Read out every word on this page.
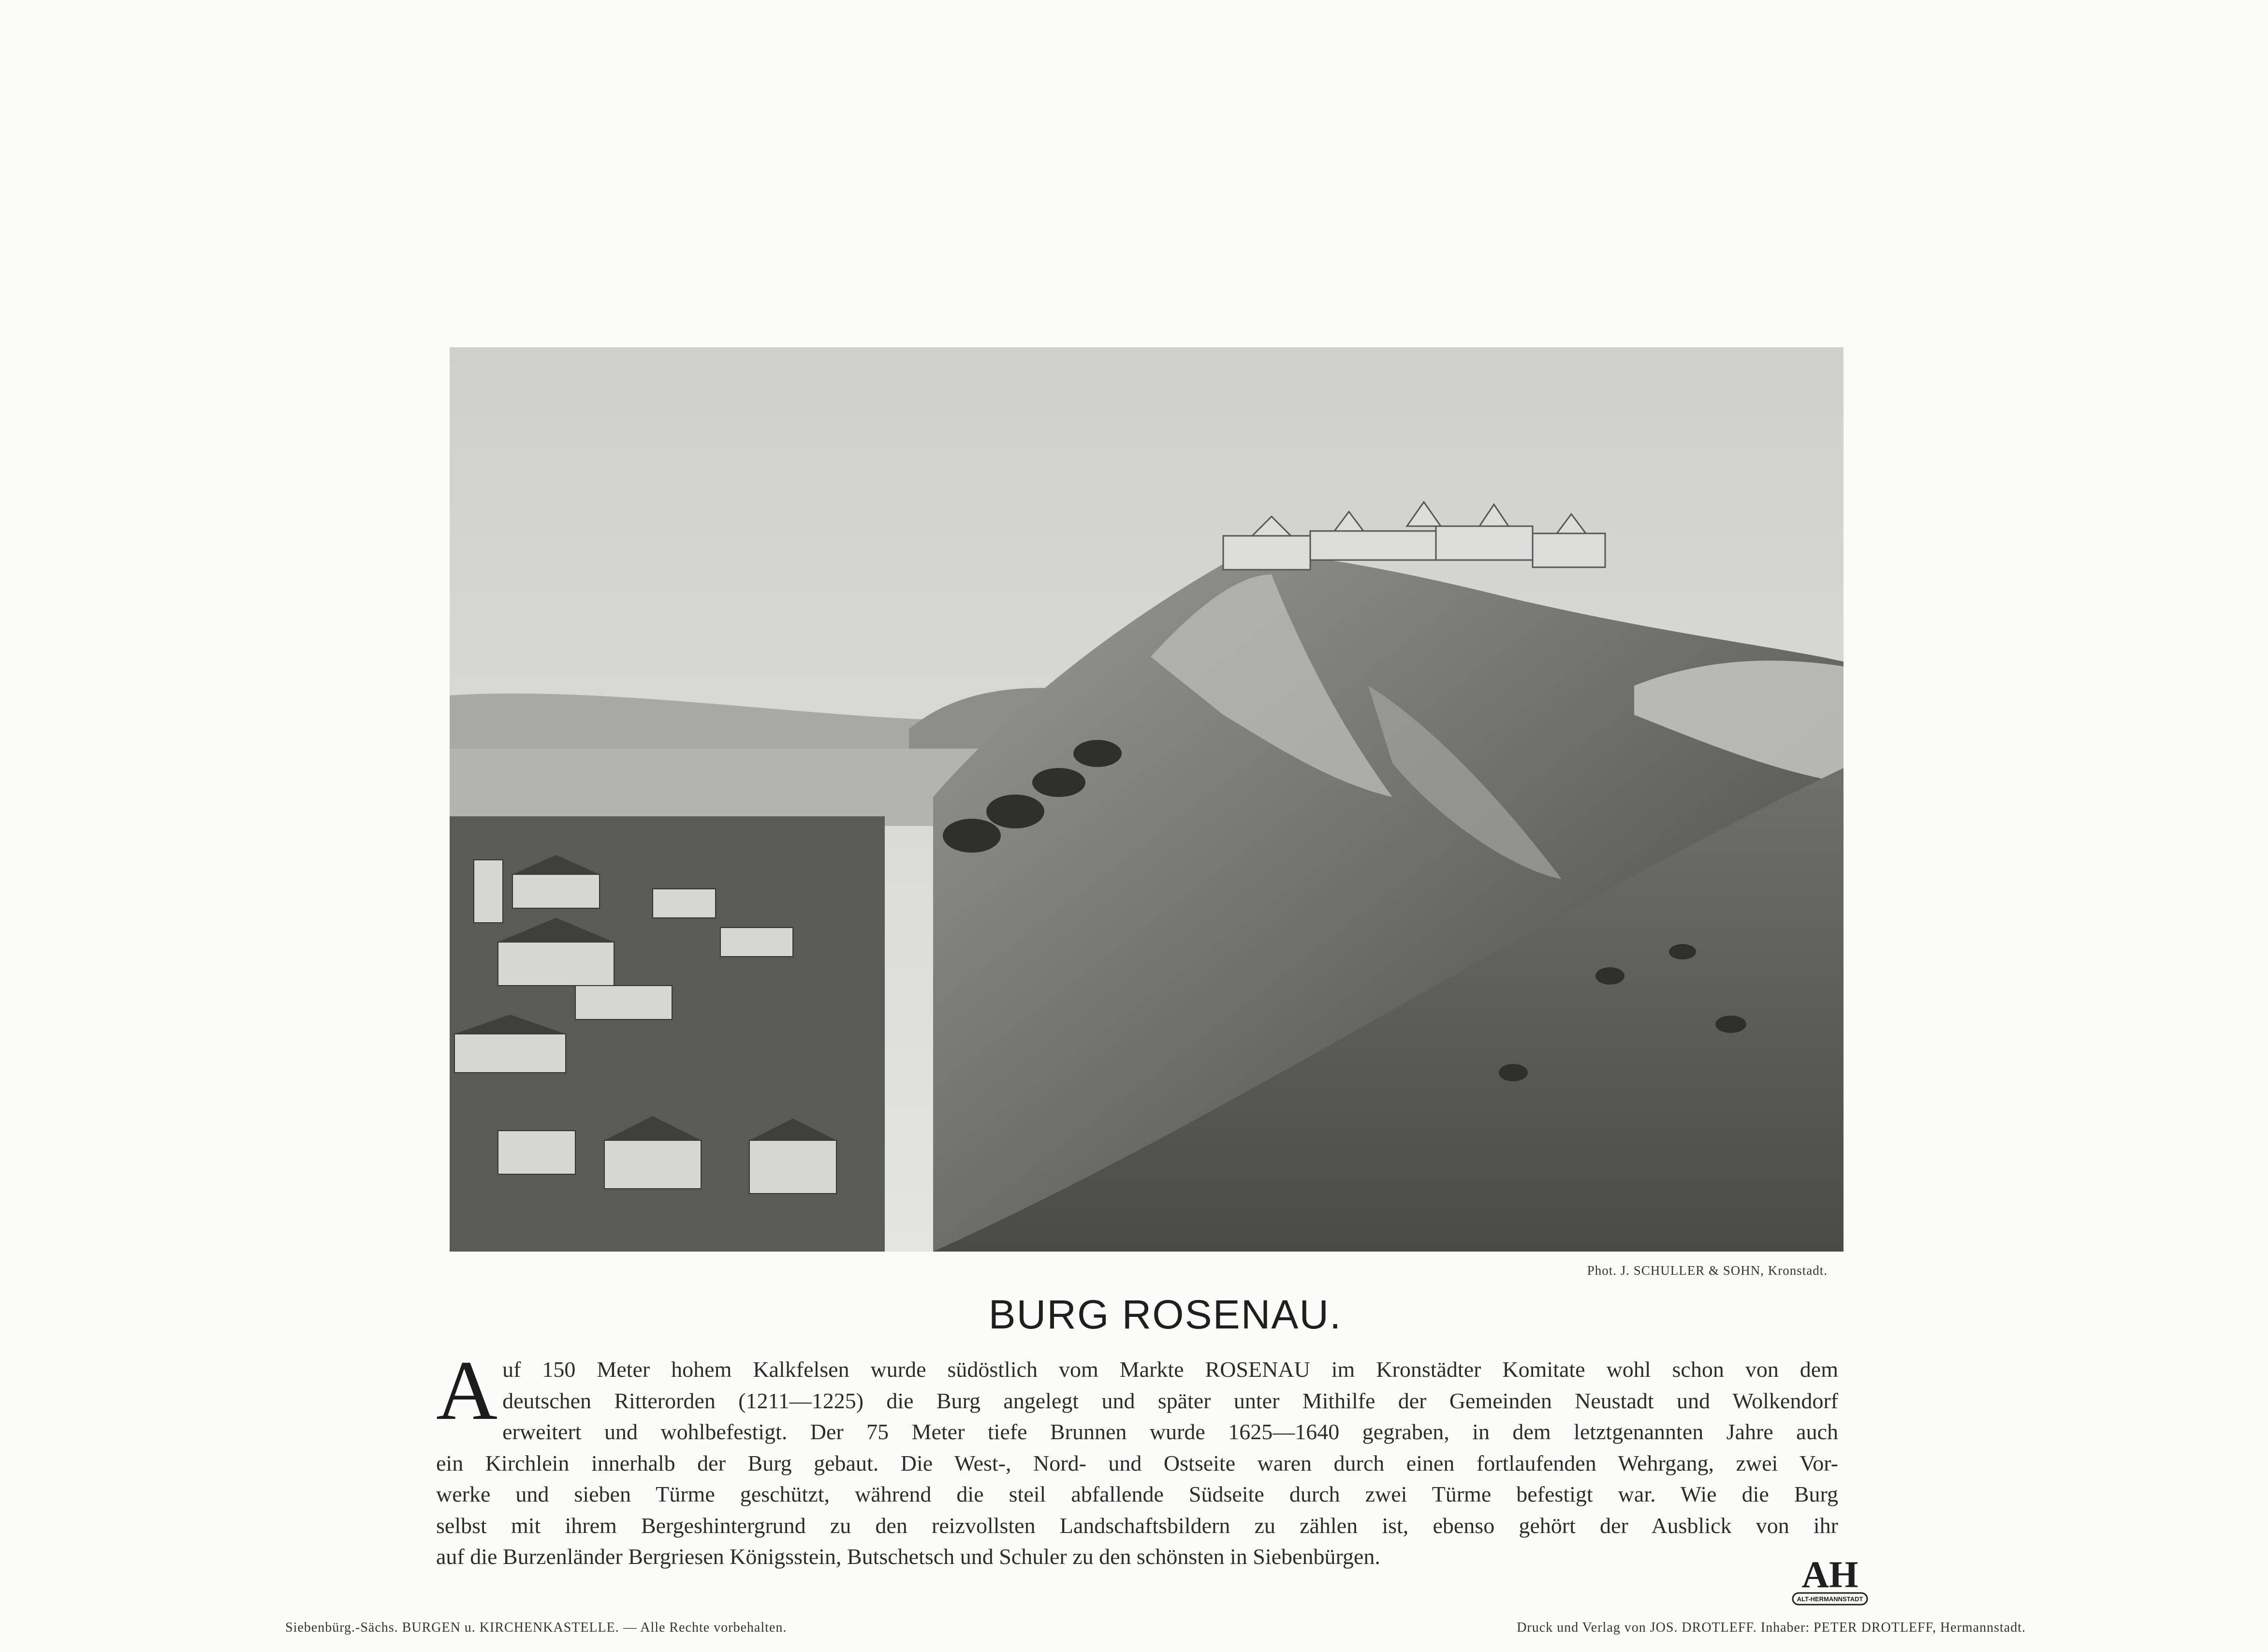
Phot. J. SCHULLER & SOHN, Kronstadt.
BURG ROSENAU.
A uf 150 Meter hohem Kalkfelsen wurde südöstlich vom Markte ROSENAU im Kronstädter Komitate wohl schon von dem
deutschen Ritterorden (1211—1225) die Burg angelegt und später unter Mithilfe der Gemeinden Neustadt und Wolkendorf
erweitert und wohlbefestigt. Der 75 Meter tiefe Brunnen wurde 1625—1640 gegraben, in dem letztgenannten Jahre auch
ein Kirchlein innerhalb der Burg gebaut. Die West-, Nord- und Ostseite waren durch einen fortlaufenden Wehrgang, zwei Vor-
werke und sieben Türme geschützt, während die steil abfallende Südseite durch zwei Türme befestigt war. Wie die Burg
selbst mit ihrem Bergeshintergrund zu den reizvollsten Landschaftsbildern zu zählen ist, ebenso gehört der Ausblick von ihr
auf die Burzenländer Bergriesen Königsstein, Butschetsch und Schuler zu den schönsten in Siebenbürgen.	AH
ALT-HERMANNSTADT
Siebenbürg.-Sächs. BURGEN u. KIRCHENKASTELLE. — Alle Rechte vorbehalten.	Druck und Verlag von JOS. DROTLEFF. Inhaber: PETER DROTLEFF, Hermannstadt.
